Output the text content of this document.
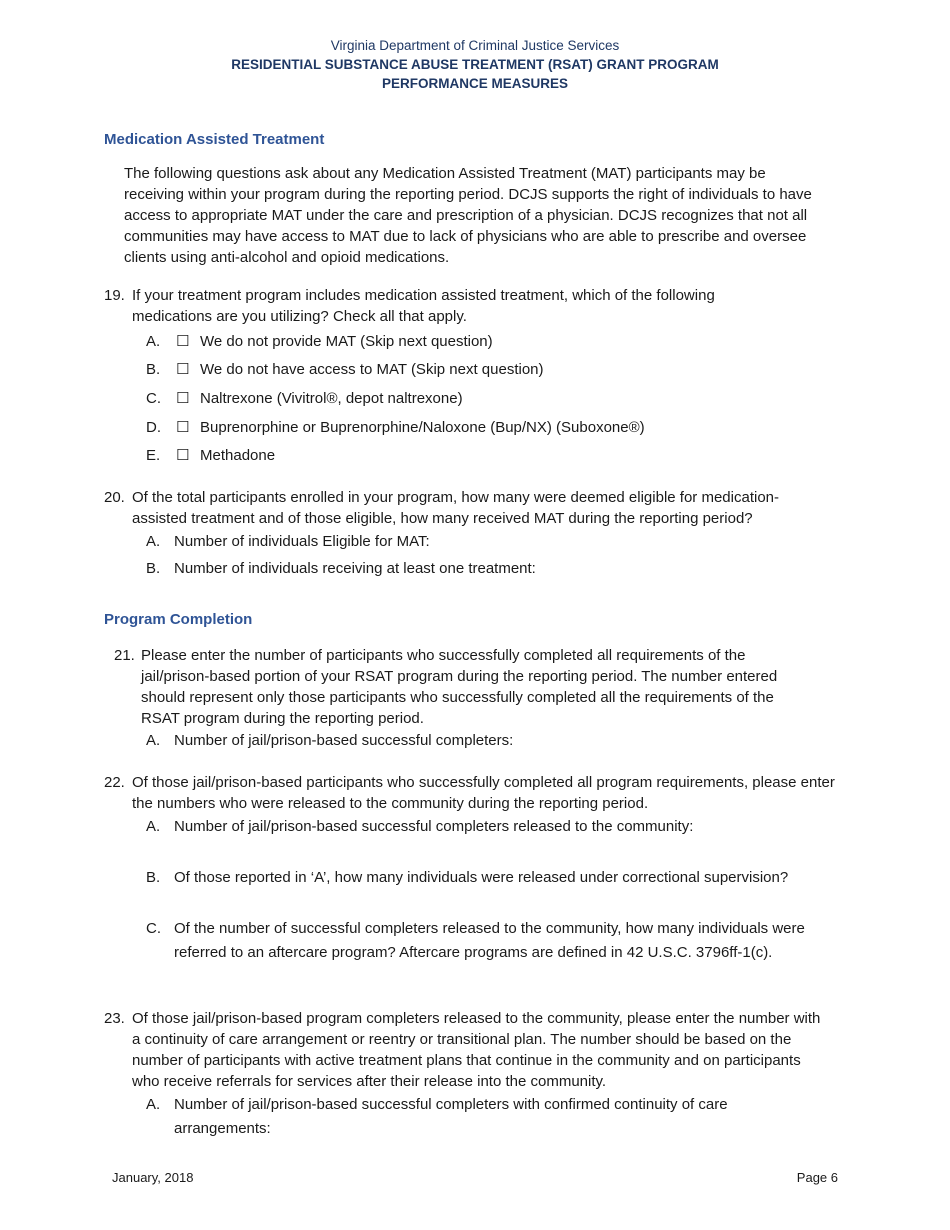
Virginia Department of Criminal Justice Services
RESIDENTIAL SUBSTANCE ABUSE TREATMENT (RSAT) GRANT PROGRAM
PERFORMANCE MEASURES
Medication Assisted Treatment
The following questions ask about any Medication Assisted Treatment (MAT) participants may be receiving within your program during the reporting period. DCJS supports the right of individuals to have access to appropriate MAT under the care and prescription of a physician. DCJS recognizes that not all communities may have access to MAT due to lack of physicians who are able to prescribe and oversee clients using anti-alcohol and opioid medications.
19. If your treatment program includes medication assisted treatment, which of the following medications are you utilizing? Check all that apply.
A. ☐ We do not provide MAT (Skip next question)
B. ☐ We do not have access to MAT (Skip next question)
C. ☐ Naltrexone (Vivitrol®, depot naltrexone)
D. ☐ Buprenorphine or Buprenorphine/Naloxone (Bup/NX) (Suboxone®)
E. ☐ Methadone
20. Of the total participants enrolled in your program, how many were deemed eligible for medication-assisted treatment and of those eligible, how many received MAT during the reporting period?
A. Number of individuals Eligible for MAT:
B. Number of individuals receiving at least one treatment:
Program Completion
21. Please enter the number of participants who successfully completed all requirements of the jail/prison-based portion of your RSAT program during the reporting period. The number entered should represent only those participants who successfully completed all the requirements of the RSAT program during the reporting period.
A. Number of jail/prison-based successful completers:
22. Of those jail/prison-based participants who successfully completed all program requirements, please enter the numbers who were released to the community during the reporting period.
A. Number of jail/prison-based successful completers released to the community:
B. Of those reported in ‘A’, how many individuals were released under correctional supervision?
C. Of the number of successful completers released to the community, how many individuals were referred to an aftercare program? Aftercare programs are defined in 42 U.S.C. 3796ff-1(c).
23. Of those jail/prison-based program completers released to the community, please enter the number with a continuity of care arrangement or reentry or transitional plan. The number should be based on the number of participants with active treatment plans that continue in the community and on participants who receive referrals for services after their release into the community.
A. Number of jail/prison-based successful completers with confirmed continuity of care arrangements:
January, 2018	Page 6
